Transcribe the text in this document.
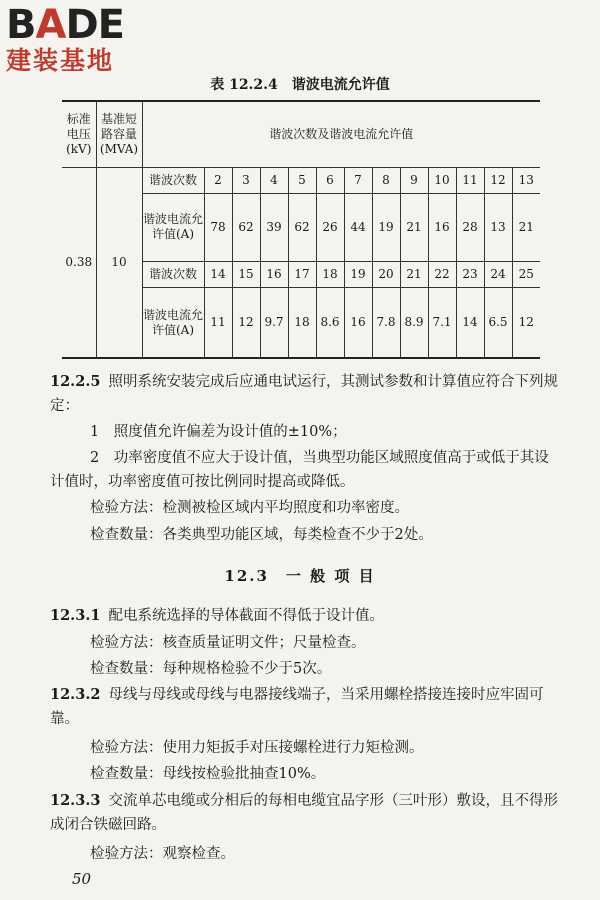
BADE
建装基地
表 12.2.4 谐波电流允许值
标准电压(kV)	基准短路容量(MVA)	谐波次数及谐波电流允许值												
0.38	10	谐波次数	2	3	4	5	6	7	8	9	10	11	12	13
		谐波电流允许值(A)	78	62	39	62	26	44	19	21	16	28	13	21
		谐波次数	14	15	16	17	18	19	20	21	22	23	24	25
		谐波电流允许值(A)	11	12	9.7	18	8.6	16	7.8	8.9	7.1	14	6.5	12
12.2.5 照明系统安装完成后应通电试运行，其测试参数和计算值应符合下列规定：
1　照度值允许偏差为设计值的±10%；
2　功率密度值不应大于设计值，当典型功能区域照度值高于或低于其设计值时，功率密度值可按比例同时提高或降低。
检验方法：检测被检区域内平均照度和功率密度。
检查数量：各类典型功能区域，每类检查不少于2处。
12.3　一 般 项 目
12.3.1 配电系统选择的导体截面不得低于设计值。
检验方法：核查质量证明文件；尺量检查。
检查数量：每种规格检验不少于5次。
12.3.2 母线与母线或母线与电器接线端子，当采用螺栓搭接连接时应牢固可靠。
检验方法：使用力矩扳手对压接螺栓进行力矩检测。
检查数量：母线按检验批抽查10%。
12.3.3 交流单芯电缆或分相后的每相电缆宜品字形（三叶形）敷设，且不得形成闭合铁磁回路。
检验方法：观察检查。
50
